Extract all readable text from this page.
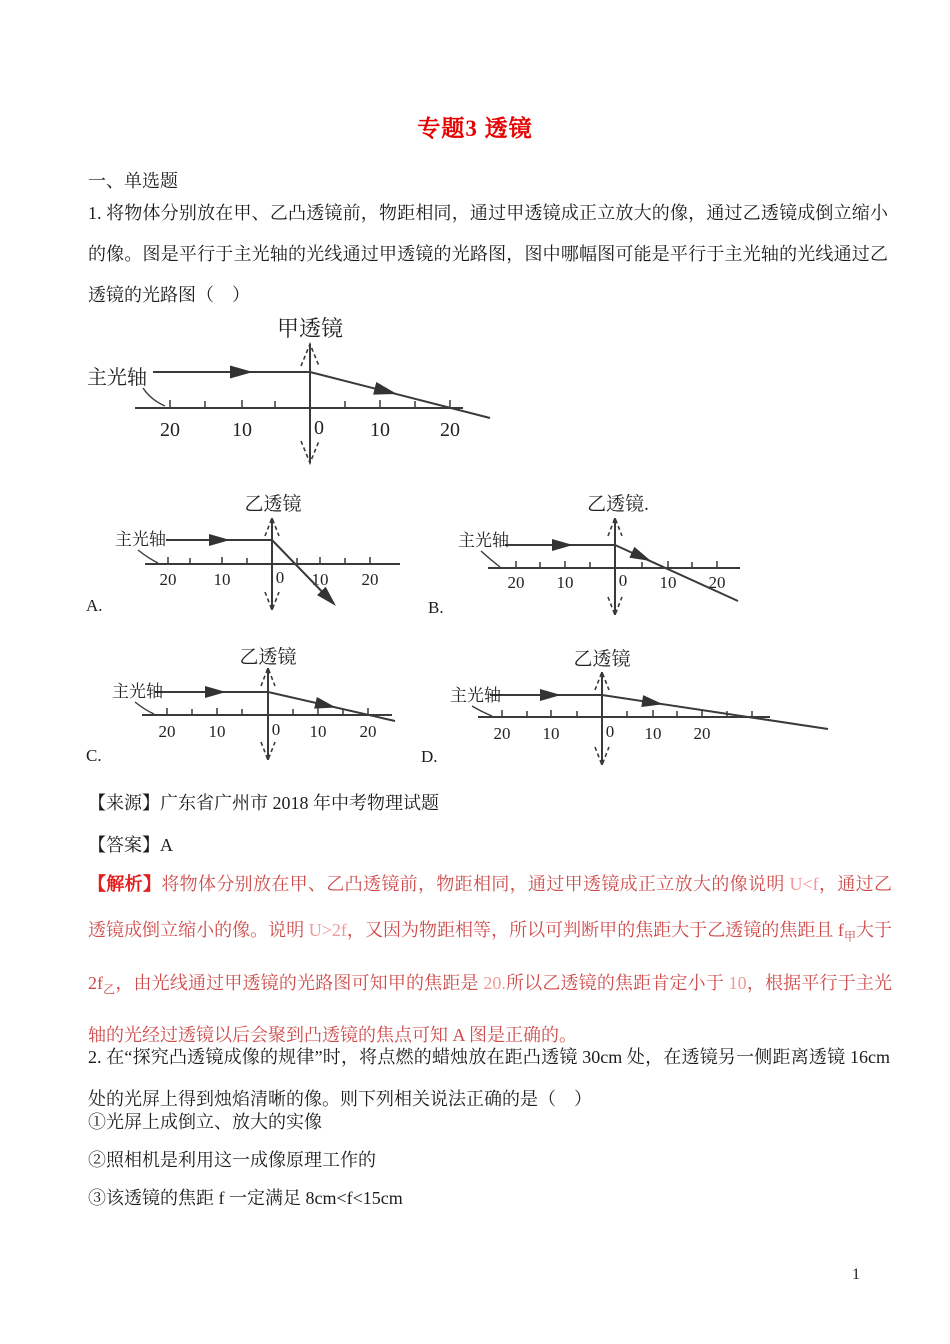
专题3 透镜
一、单选题

1. 将物体分别放在甲、乙凸透镜前，物距相同，通过甲透镜成正立放大的像，通过乙透镜成倒立缩小的像。图是平行于主光轴的光线通过甲透镜的光路图，图中哪幅图可能是平行于主光轴的光线通过乙透镜的光路图（　）

甲透镜
20	10	0 10	20
主光轴
乙透镜
20 10	0 10 20
主光轴
乙透镜.
20 10	0 10 20
主光轴
乙透镜
20 10	0 10 20
主光轴
乙透镜
20 10	0 10 20
主光轴
A.	B.
C.	D.

【来源】广东省广州市 2018 年中考物理试题

【答案】A

【解析】将物体分别放在甲、乙凸透镜前，物距相同，通过甲透镜成正立放大的像说明 U<f，通过乙透镜成倒立缩小的像。说明 U>2f，又因为物距相等，所以可判断甲的焦距大于乙透镜的焦距且 $f_甲$大于 $2f_乙$，由光线通过甲透镜的光路图可知甲的焦距是 20.所以乙透镜的焦距肯定小于 10，根据平行于主光轴的光经过透镜以后会聚到凸透镜的焦点可知 A 图是正确的。

2. 在“探究凸透镜成像的规律”时，将点燃的蜡烛放在距凸透镜 30cm 处，在透镜另一侧距离透镜 16cm 处的光屏上得到烛焰清晰的像。则下列相关说法正确的是（　）

①光屏上成倒立、放大的实像
②照相机是利用这一成像原理工作的
③该透镜的焦距 f 一定满足 8cm<f<15cm
1
